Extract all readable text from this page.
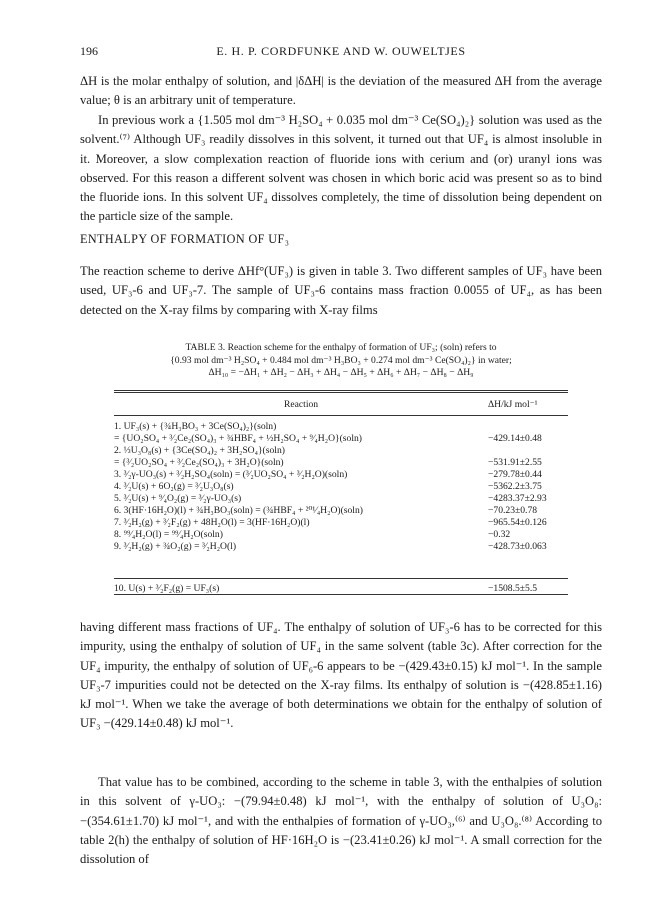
196	E. H. P. CORDFUNKE AND W. OUWELTJES

ΔH is the molar enthalpy of solution, and |δΔH| is the deviation of the measured ΔH from the average value; θ is an arbitrary unit of temperature.

In previous work a {1.505 mol dm⁻³ H₂SO₄ + 0.035 mol dm⁻³ Ce(SO₄)₂} solution was used as the solvent.⁽⁷⁾ Although UF₃ readily dissolves in this solvent, it turned out that UF₄ is almost insoluble in it. Moreover, a slow complexation reaction of fluoride ions with cerium and (or) uranyl ions was observed. For this reason a different solvent was chosen in which boric acid was present so as to bind the fluoride ions. In this solvent UF₄ dissolves completely, the time of dissolution being dependent on the particle size of the sample.

ENTHALPY OF FORMATION OF UF₃

The reaction scheme to derive ΔHf°(UF₃) is given in table 3. Two different samples of UF₃ have been used, UF₃-6 and UF₃-7. The sample of UF₃-6 contains mass fraction 0.0055 of UF₄, as has been detected on the X-ray films by comparing with X-ray films

TABLE 3. Reaction scheme for the enthalpy of formation of UF₃; (soln) refers to
{0.93 mol dm⁻³ H₂SO₄ + 0.484 mol dm⁻³ H₃BO₃ + 0.274 mol dm⁻³ Ce(SO₄)₂} in water;
ΔH₁₀ = −ΔH₁ + ΔH₂ − ΔH₃ + ΔH₄ − ΔH₅ + ΔH₆ + ΔH₇ − ΔH₈ − ΔH₉
Reaction	ΔH/kJ mol⁻¹
1. UF₃(s) + {¾H₃BO₃ + 3Ce(SO₄)₂}(soln)
= {UO₂SO₄ + ³⁄₂Ce₂(SO₄)₃ + ¾HBF₄ + ½H₂SO₄ + ⁹⁄₄H₂O}(soln)	−429.14±0.48
2. ⅓U₃O₈(s) + {3Ce(SO₄)₂ + 3H₂SO₄}(soln)
= {³⁄₂UO₂SO₄ + ³⁄₂Ce₂(SO₄)₃ + 3H₂O}(soln)	−531.91±2.55
3. ³⁄₂γ-UO₃(s) + ³⁄₂H₂SO₄(soln) = (³⁄₂UO₂SO₄ + ³⁄₂H₂O)(soln)	−279.78±0.44
4. ³⁄₂U(s) + 6O₂(g) = ³⁄₂U₃O₈(s)	−5362.2±3.75
5. ³⁄₂U(s) + ⁹⁄₄O₂(g) = ³⁄₂γ-UO₃(s)	−4283.37±2.93
6. 3(HF·16H₂O)(l) + ¾H₃BO₃(soln) = (¾HBF₄ + ²⁰¹⁄₄H₂O)(soln)	−70.23±0.78
7. ³⁄₂H₂(g) + ³⁄₂F₂(g) + 48H₂O(l) = 3(HF·16H₂O)(l)	−965.54±0.126
8. ⁹⁹⁄₄H₂O(l) = ⁹⁹⁄₄H₂O(soln)	−0.32
9. ³⁄₂H₂(g) + ¾O₂(g) = ³⁄₂H₂O(l)	−428.73±0.063
10. U(s) + ³⁄₂F₂(g) = UF₃(s)	−1508.5±5.5

having different mass fractions of UF₄. The enthalpy of solution of UF₃-6 has to be corrected for this impurity, using the enthalpy of solution of UF₄ in the same solvent (table 3c). After correction for the UF₄ impurity, the enthalpy of solution of UF₆-6 appears to be −(429.43±0.15) kJ mol⁻¹. In the sample UF₃-7 impurities could not be detected on the X-ray films. Its enthalpy of solution is −(428.85±1.16) kJ mol⁻¹. When we take the average of both determinations we obtain for the enthalpy of solution of UF₃ −(429.14±0.48) kJ mol⁻¹.

That value has to be combined, according to the scheme in table 3, with the enthalpies of solution in this solvent of γ-UO₃: −(79.94±0.48) kJ mol⁻¹, with the enthalpy of solution of U₃O₈: −(354.61±1.70) kJ mol⁻¹, and with the enthalpies of formation of γ-UO₃,⁽⁶⁾ and U₃O₈.⁽⁸⁾ According to table 2(h) the enthalpy of solution of HF·16H₂O is −(23.41±0.26) kJ mol⁻¹. A small correction for the dissolution of
